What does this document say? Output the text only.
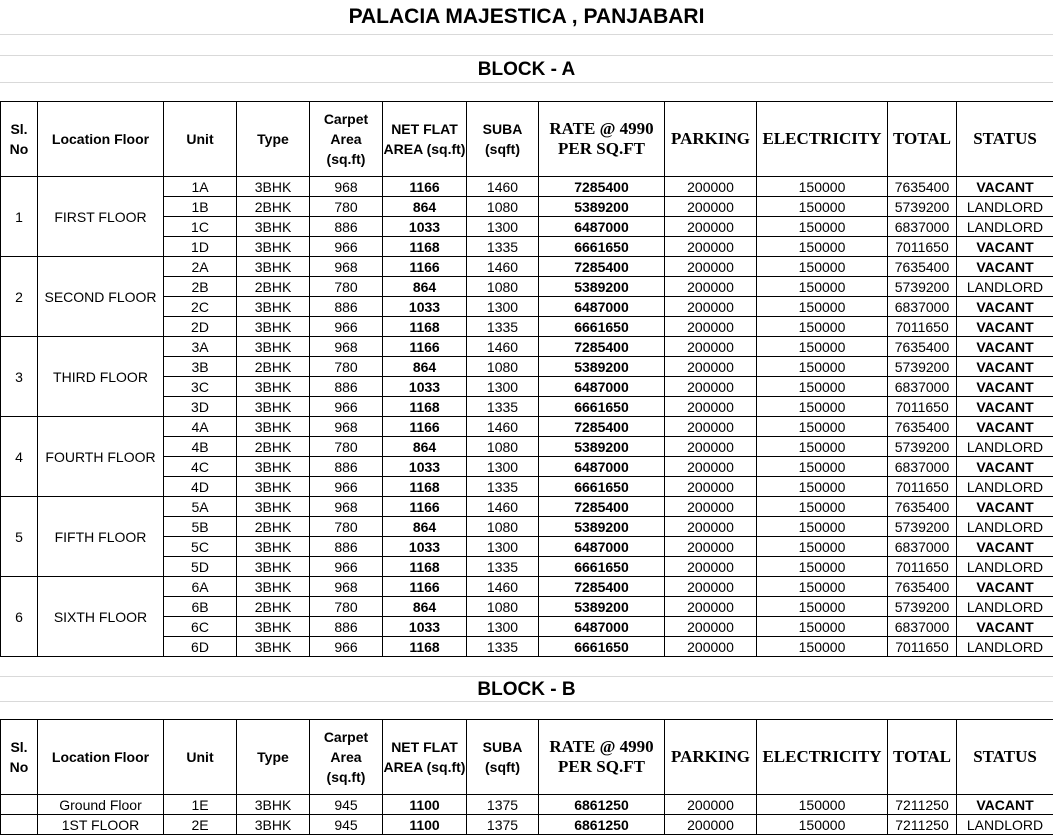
PALACIA MAJESTICA , PANJABARI
BLOCK - A
Sl. No	Location Floor	Unit	Type	Carpet Area (sq.ft)	NET FLAT AREA (sq.ft)	SUBA (sqft)	RATE @ 4990 PER SQ.FT	PARKING	ELECTRICITY	TOTAL	STATUS
1	FIRST FLOOR	1A	3BHK	968	1166	1460	7285400	200000	150000	7635400	VACANT
		1B	2BHK	780	864	1080	5389200	200000	150000	5739200	LANDLORD
		1C	3BHK	886	1033	1300	6487000	200000	150000	6837000	LANDLORD
		1D	3BHK	966	1168	1335	6661650	200000	150000	7011650	VACANT
2	SECOND FLOOR	2A	3BHK	968	1166	1460	7285400	200000	150000	7635400	VACANT
		2B	2BHK	780	864	1080	5389200	200000	150000	5739200	LANDLORD
		2C	3BHK	886	1033	1300	6487000	200000	150000	6837000	VACANT
		2D	3BHK	966	1168	1335	6661650	200000	150000	7011650	VACANT
3	THIRD FLOOR	3A	3BHK	968	1166	1460	7285400	200000	150000	7635400	VACANT
		3B	2BHK	780	864	1080	5389200	200000	150000	5739200	VACANT
		3C	3BHK	886	1033	1300	6487000	200000	150000	6837000	VACANT
		3D	3BHK	966	1168	1335	6661650	200000	150000	7011650	VACANT
4	FOURTH FLOOR	4A	3BHK	968	1166	1460	7285400	200000	150000	7635400	VACANT
		4B	2BHK	780	864	1080	5389200	200000	150000	5739200	LANDLORD
		4C	3BHK	886	1033	1300	6487000	200000	150000	6837000	VACANT
		4D	3BHK	966	1168	1335	6661650	200000	150000	7011650	LANDLORD
5	FIFTH FLOOR	5A	3BHK	968	1166	1460	7285400	200000	150000	7635400	VACANT
		5B	2BHK	780	864	1080	5389200	200000	150000	5739200	LANDLORD
		5C	3BHK	886	1033	1300	6487000	200000	150000	6837000	VACANT
		5D	3BHK	966	1168	1335	6661650	200000	150000	7011650	LANDLORD
6	SIXTH FLOOR	6A	3BHK	968	1166	1460	7285400	200000	150000	7635400	VACANT
		6B	2BHK	780	864	1080	5389200	200000	150000	5739200	LANDLORD
		6C	3BHK	886	1033	1300	6487000	200000	150000	6837000	VACANT
		6D	3BHK	966	1168	1335	6661650	200000	150000	7011650	LANDLORD
BLOCK - B
Sl. No	Location Floor	Unit	Type	Carpet Area (sq.ft)	NET FLAT AREA (sq.ft)	SUBA (sqft)	RATE @ 4990 PER SQ.FT	PARKING	ELECTRICITY	TOTAL	STATUS
	Ground Floor	1E	3BHK	945	1100	1375	6861250	200000	150000	7211250	VACANT
	1ST FLOOR	2E	3BHK	945	1100	1375	6861250	200000	150000	7211250	LANDLORD
